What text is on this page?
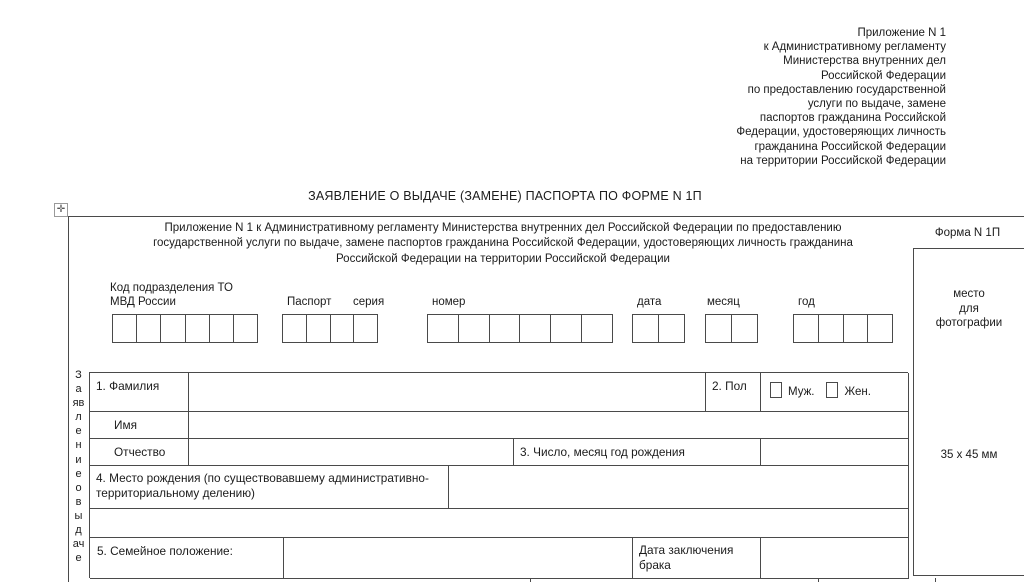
Приложение N 1
к Административному регламенту
Министерства внутренних дел
Российской Федерации
по предоставлению государственной
услуги по выдаче, замене
паспортов гражданина Российской
Федерации, удостоверяющих личность
гражданина Российской Федерации
на территории Российской Федерации
ЗАЯВЛЕНИЕ О ВЫДАЧЕ (ЗАМЕНЕ) ПАСПОРТА ПО ФОРМЕ N 1П
✛
Приложение N 1 к Административному регламенту Министерства внутренних дел Российской Федерации по предоставлению
государственной услуги по выдаче, замене паспортов гражданина Российской Федерации, удостоверяющих личность гражданина
Российской Федерации на территории Российской Федерации
Форма N 1П
место
для
фотографии
35 x 45 мм
Код подразделения ТО
МВД России	Паспорт серия	номер	дата	месяц	год
З
а
яв
л
е
н
и
е
о
в
ы
д
ач
е
1. Фамилия	2. Пол	Муж.	Жен.
Имя
Отчество	3. Число, месяц год рождения
4. Место рождения (по существовавшему административно-территориальному делению)
5. Семейное положение:	Дата заключения
брака
